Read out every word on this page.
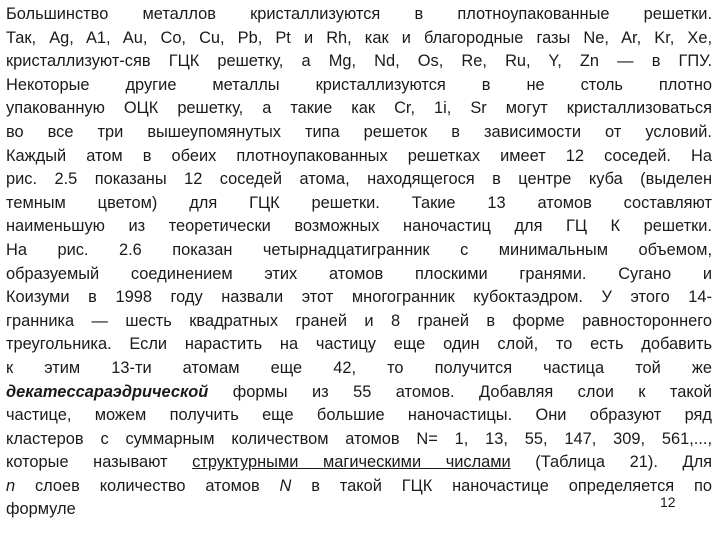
Большинство металлов кристаллизуются в плотноупакованные решетки.
Так, Ag, A1, Au, Co, Cu, Pb, Pt и Rh, как и благородные газы Ne, Ar, Kr, Xe,
кристаллизуют-сяв ГЦК решетку, а Mg, Nd, Os, Re, Ru, Y, Zn — в ГПУ.
Некоторые другие металлы кристаллизуются в не столь плотно
упакованную ОЦК решетку, а такие как Cr, 1i, Sr могут кристаллизоваться
во все три вышеупомянутых типа решеток в зависимости от условий.
Каждый атом в обеих плотноупакованных решетках имеет 12 соседей. На
рис. 2.5 показаны 12 соседей атома, находящегося в центре куба (выделен
темным цветом) для ГЦК решетки. Такие 13 атомов составляют
наименьшую из теоретически возможных наночастиц для ГЦ К решетки.
На рис. 2.6 показан четырнадцатигранник с минимальным объемом,
образуемый соединением этих атомов плоскими гранями. Сугано и
Коизуми в 1998 году назвали этот многогранник кубоктаэдром. У этого 14-
гранника — шесть квадратных граней и 8 граней в форме равностороннего
треугольника. Если нарастить на частицу еще один слой, то есть добавить
к этим 13-ти атомам еще 42, то получится частица той же
декатессараэдрической формы из 55 атомов. Добавляя слои к такой
частице, можем получить еще большие наночастицы. Они образуют ряд
кластеров с суммарным количеством атомов N= 1, 13, 55, 147, 309, 561,...,
которые называют структурными магическими числами (Таблица 21). Для
n слоев количество атомов N в такой ГЦК наночастице определяется по
формуле	12
